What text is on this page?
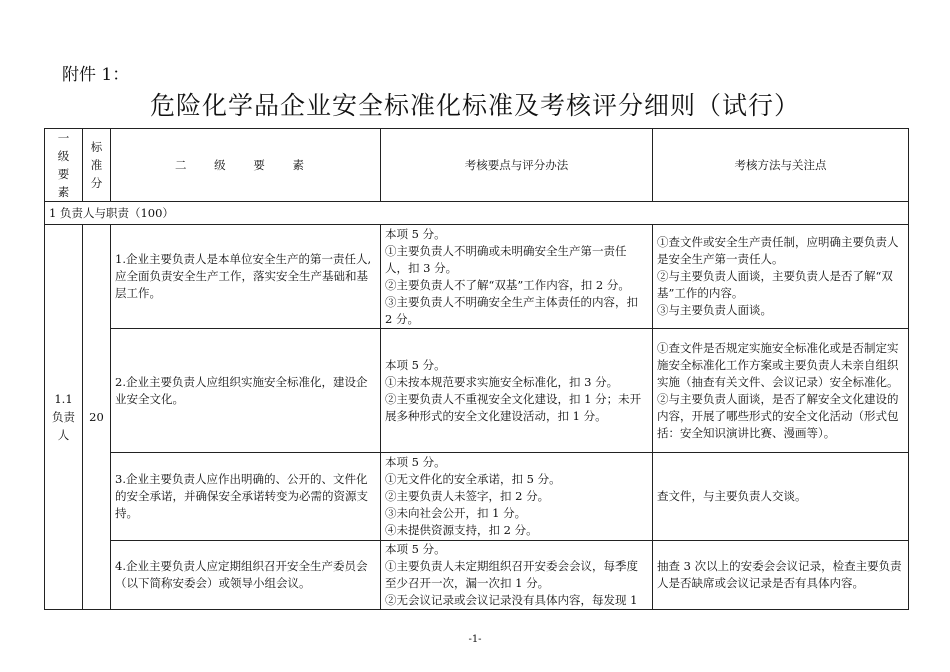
附件 1：
危险化学品企业安全标准化标准及考核评分细则（试行）
一
级
要
素	标
准
分	二 级 要 素	考核要点与评分办法	考核方法与关注点
1 负责人与职责（100）				

1.1
负责
人	20	1.企业主要负责人是本单位安全生产的第一责任人,应全面负责安全生产工作，落实安全生产基础和基层工作。	本项 5 分。
①主要负责人不明确或未明确安全生产第一责任人，扣 3 分。
②主要负责人不了解“双基”工作内容，扣 2 分。
③主要负责人不明确安全生产主体责任的内容，扣 2 分。	①查文件或安全生产责任制，应明确主要负责人是安全生产第一责任人。
②与主要负责人面谈，主要负责人是否了解“双基”工作的内容。
③与主要负责人面谈。
		2.企业主要负责人应组织实施安全标准化，建设企业安全文化。	本项 5 分。
①未按本规范要求实施安全标准化，扣 3 分。
②主要负责人不重视安全文化建设，扣 1 分；未开展多种形式的安全文化建设活动，扣 1 分。	①查文件是否规定实施安全标准化或是否制定实施安全标准化工作方案或主要负责人未亲自组织实施（抽查有关文件、会议记录）安全标准化。
②与主要负责人面谈，是否了解安全文化建设的内容，开展了哪些形式的安全文化活动（形式包括：安全知识演讲比赛、漫画等）。
		3.企业主要负责人应作出明确的、公开的、文件化的安全承诺，并确保安全承诺转变为必需的资源支持。	本项 5 分。
①无文件化的安全承诺，扣 5 分。
②主要负责人未签字，扣 2 分。
③未向社会公开，扣 1 分。
④未提供资源支持，扣 2 分。	查文件，与主要负责人交谈。
		4.企业主要负责人应定期组织召开安全生产委员会（以下简称安委会）或领导小组会议。	本项 5 分。
①主要负责人未定期组织召开安委会会议，每季度至少召开一次，漏一次扣 1 分。
②无会议记录或会议记录没有具体内容，每发现 1	抽查 3 次以上的安委会会议记录，检查主要负责人是否缺席或会议记录是否有具体内容。
-1-
